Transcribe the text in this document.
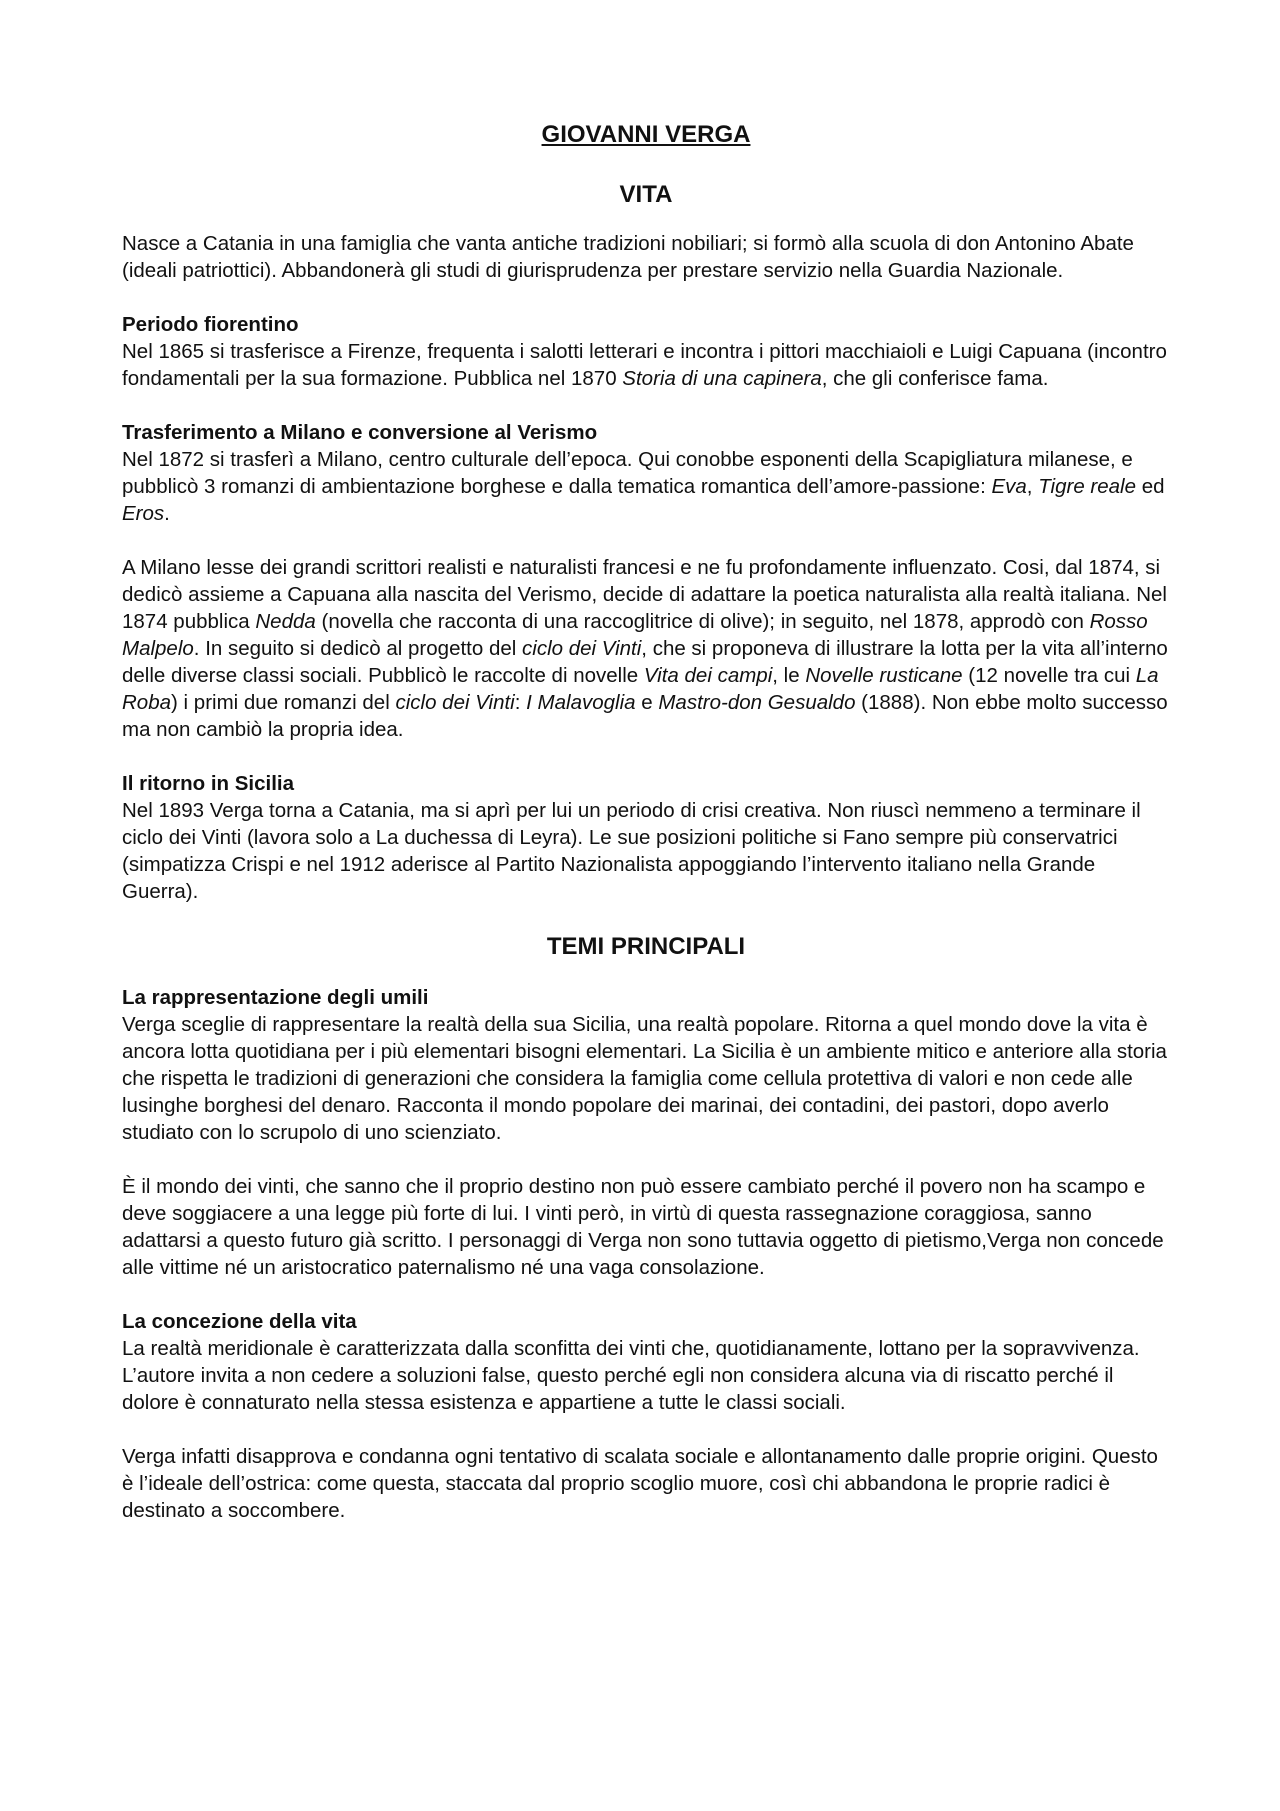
GIOVANNI VERGA
VITA

Nasce a Catania in una famiglia che vanta antiche tradizioni nobiliari; si formò alla scuola di don Antonino Abate (ideali patriottici). Abbandonerà gli studi di giurisprudenza per prestare servizio nella Guardia Nazionale.

Periodo fiorentino
Nel 1865 si trasferisce a Firenze, frequenta i salotti letterari e incontra i pittori macchiaioli e Luigi Capuana (incontro fondamentali per la sua formazione. Pubblica nel 1870 Storia di una capinera, che gli conferisce fama.

Trasferimento a Milano e conversione al Verismo
Nel 1872 si trasferì a Milano, centro culturale dell’epoca. Qui conobbe esponenti della Scapigliatura milanese, e pubblicò 3 romanzi di ambientazione borghese e dalla tematica romantica dell’amore-passione: Eva, Tigre reale ed Eros.

A Milano lesse dei grandi scrittori realisti e naturalisti francesi e ne fu profondamente influenzato. Cosi, dal 1874, si dedicò assieme a Capuana alla nascita del Verismo, decide di adattare la poetica naturalista alla realtà italiana. Nel 1874 pubblica Nedda (novella che racconta di una raccoglitrice di olive); in seguito, nel 1878, approdò con Rosso Malpelo. In seguito si dedicò al progetto del ciclo dei Vinti, che si proponeva di illustrare la lotta per la vita all’interno delle diverse classi sociali. Pubblicò le raccolte di novelle Vita dei campi, le Novelle rusticane (12 novelle tra cui La Roba) i primi due romanzi del ciclo dei Vinti: I Malavoglia e Mastro-don Gesualdo (1888). Non ebbe molto successo ma non cambiò la propria idea.

Il ritorno in Sicilia
Nel 1893 Verga torna a Catania, ma si aprì per lui un periodo di crisi creativa. Non riuscì nemmeno a terminare il ciclo dei Vinti (lavora solo a La duchessa di Leyra). Le sue posizioni politiche si Fano sempre più conservatrici (simpatizza Crispi e nel 1912 aderisce al Partito Nazionalista appoggiando l’intervento italiano nella Grande Guerra).

TEMI PRINCIPALI

La rappresentazione degli umili
Verga sceglie di rappresentare la realtà della sua Sicilia, una realtà popolare. Ritorna a quel mondo dove la vita è ancora lotta quotidiana per i più elementari bisogni elementari. La Sicilia è un ambiente mitico e anteriore alla storia che rispetta le tradizioni di generazioni che considera la famiglia come cellula protettiva di valori e non cede alle lusinghe borghesi del denaro. Racconta il mondo popolare dei marinai, dei contadini, dei pastori, dopo averlo studiato con lo scrupolo di uno scienziato.

È il mondo dei vinti, che sanno che il proprio destino non può essere cambiato perché il povero non ha scampo e deve soggiacere a una legge più forte di lui. I vinti però, in virtù di questa rassegnazione coraggiosa, sanno adattarsi a questo futuro già scritto. I personaggi di Verga non sono tuttavia oggetto di pietismo,Verga non concede alle vittime né un aristocratico paternalismo né una vaga consolazione.

La concezione della vita
La realtà meridionale è caratterizzata dalla sconfitta dei vinti che, quotidianamente, lottano per la sopravvivenza. L’autore invita a non cedere a soluzioni false, questo perché egli non considera alcuna via di riscatto perché il dolore è connaturato nella stessa esistenza e appartiene a tutte le classi sociali.

Verga infatti disapprova e condanna ogni tentativo di scalata sociale e allontanamento dalle proprie origini. Questo è l’ideale dell’ostrica: come questa, staccata dal proprio scoglio muore, così chi abbandona le proprie radici è destinato a soccombere.
